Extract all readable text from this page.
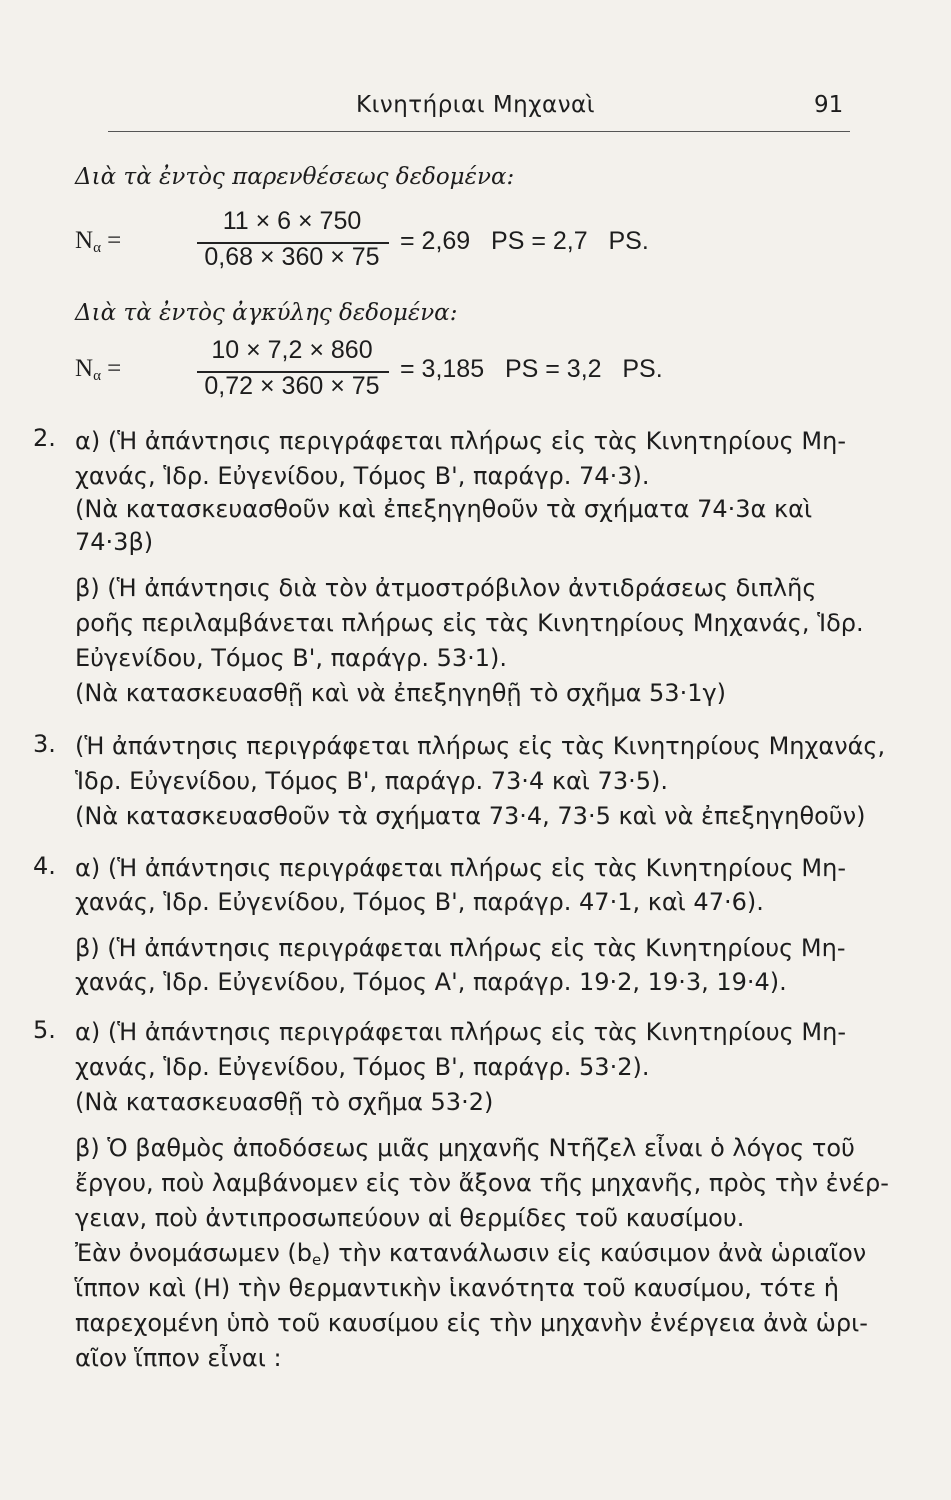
Κινητήριαι Μηχαναὶ	91
Διὰ τὰ ἐντὸς παρενθέσεως δεδομένα:
$N_\alpha$ =
11 × 6 × 750
0,68 × 360 × 75
= 2,69   PS = 2,7   PS.
Διὰ τὰ ἐντὸς ἀγκύλης δεδομένα:
$N_\alpha$ =
10 × 7,2 × 860
0,72 × 360 × 75
= 3,185   PS = 3,2   PS.
2.
3.
4.
5.
α) (Ἡ ἀπάντησις περιγράφεται πλήρως εἰς τὰς Κινητηρίους Μη-
χανάς, Ἱδρ. Εὐγενίδου, Τόμος Β', παράγρ. 74·3).
(Νὰ κατασκευασθοῦν καὶ ἐπεξηγηθοῦν τὰ σχήματα 74·3α καὶ
74·3β)
β) (Ἡ ἀπάντησις διὰ τὸν ἀτμοστρόβιλον ἀντιδράσεως διπλῆς
ροῆς περιλαμβάνεται πλήρως εἰς τὰς Κινητηρίους Μηχανάς, Ἱδρ.
Εὐγενίδου, Τόμος Β', παράγρ. 53·1).
(Νὰ κατασκευασθῇ καὶ νὰ ἐπεξηγηθῇ τὸ σχῆμα 53·1γ)
(Ἡ ἀπάντησις περιγράφεται πλήρως εἰς τὰς Κινητηρίους Μηχανάς,
Ἱδρ. Εὐγενίδου, Τόμος Β', παράγρ. 73·4 καὶ 73·5).
(Νὰ κατασκευασθοῦν τὰ σχήματα 73·4, 73·5 καὶ νὰ ἐπεξηγηθοῦν)
α) (Ἡ ἀπάντησις περιγράφεται πλήρως εἰς τὰς Κινητηρίους Μη-
χανάς, Ἱδρ. Εὐγενίδου, Τόμος Β', παράγρ. 47·1, καὶ 47·6).
β) (Ἡ ἀπάντησις περιγράφεται πλήρως εἰς τὰς Κινητηρίους Μη-
χανάς, Ἱδρ. Εὐγενίδου, Τόμος Α', παράγρ. 19·2, 19·3, 19·4).
α) (Ἡ ἀπάντησις περιγράφεται πλήρως εἰς τὰς Κινητηρίους Μη-
χανάς, Ἱδρ. Εὐγενίδου, Τόμος Β', παράγρ. 53·2).
(Νὰ κατασκευασθῇ τὸ σχῆμα 53·2)
β) Ὁ βαθμὸς ἀποδόσεως μιᾶς μηχανῆς Ντῆζελ εἶναι ὁ λόγος τοῦ
ἔργου, ποὺ λαμβάνομεν εἰς τὸν ἄξονα τῆς μηχανῆς, πρὸς τὴν ἐνέρ-
γειαν, ποὺ ἀντιπροσωπεύουν αἱ θερμίδες τοῦ καυσίμου.
Ἐὰν ὀνομάσωμεν $(b_e)$ τὴν κατανάλωσιν εἰς καύσιμον ἀνὰ ὡριαῖον
ἵππον καὶ (Η) τὴν θερμαντικὴν ἱκανότητα τοῦ καυσίμου, τότε ἡ
παρεχομένη ὑπὸ τοῦ καυσίμου εἰς τὴν μηχανὴν ἐνέργεια ἀνὰ ὡρι-
αῖον ἵππον εἶναι :
